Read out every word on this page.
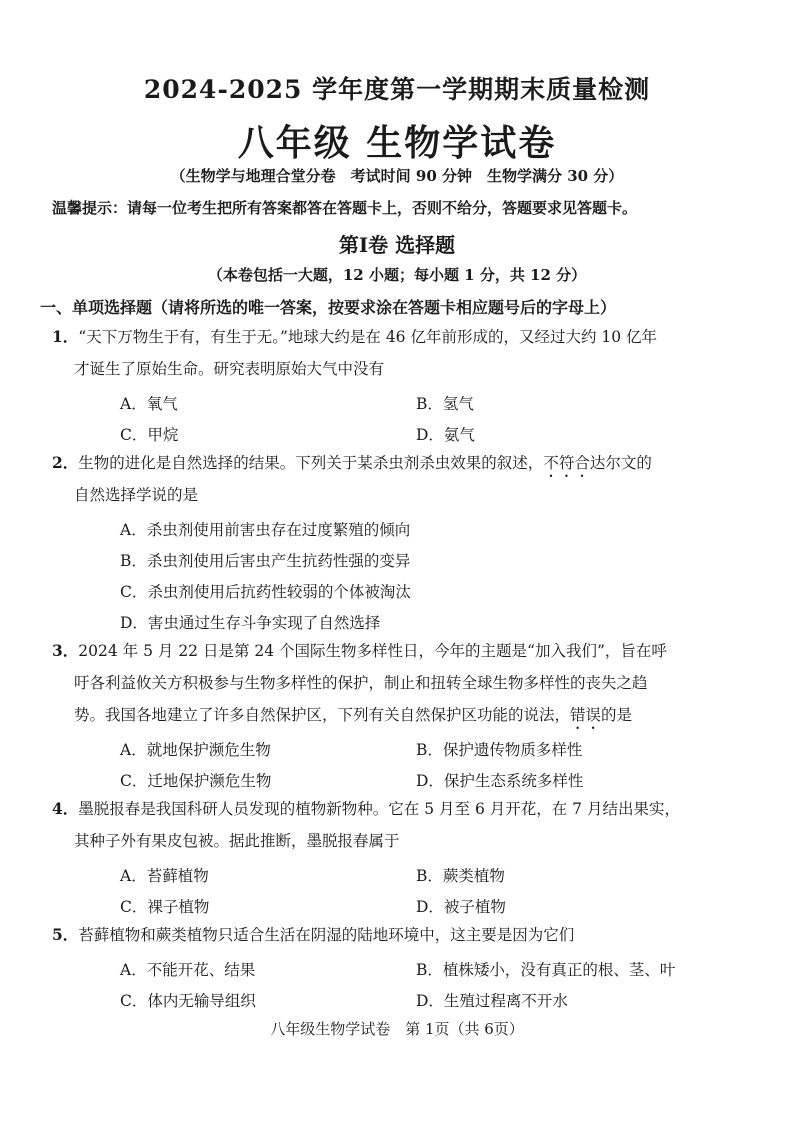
2024-2025 学年度第一学期期末质量检测
八年级 生物学试卷
（生物学与地理合堂分卷　考试时间 90 分钟　生物学满分 30 分）
温馨提示：请每一位考生把所有答案都答在答题卡上，否则不给分，答题要求见答题卡。
第Ⅰ卷 选择题
（本卷包括一大题，12 小题；每小题 1 分，共 12 分）
一、单项选择题（请将所选的唯一答案，按要求涂在答题卡相应题号后的字母上）
1．“天下万物生于有，有生于无。”地球大约是在 46 亿年前形成的，又经过大约 10 亿年
才诞生了原始生命。研究表明原始大气中没有
A．氧气	B．氢气
C．甲烷	D．氨气
2．生物的进化是自然选择的结果。下列关于某杀虫剂杀虫效果的叙述，不符合达尔文的
自然选择学说的是
A．杀虫剂使用前害虫存在过度繁殖的倾向
B．杀虫剂使用后害虫产生抗药性强的变异
C．杀虫剂使用后抗药性较弱的个体被淘汰
D．害虫通过生存斗争实现了自然选择
3．2024 年 5 月 22 日是第 24 个国际生物多样性日，今年的主题是“加入我们”，旨在呼
吁各利益攸关方积极参与生物多样性的保护，制止和扭转全球生物多样性的丧失之趋
势。我国各地建立了许多自然保护区，下列有关自然保护区功能的说法，错误的是
A．就地保护濒危生物	B．保护遗传物质多样性
C．迁地保护濒危生物	D．保护生态系统多样性
4．墨脱报春是我国科研人员发现的植物新物种。它在 5 月至 6 月开花，在 7 月结出果实，
其种子外有果皮包被。据此推断，墨脱报春属于
A．苔藓植物	B．蕨类植物
C．裸子植物	D．被子植物
5．苔藓植物和蕨类植物只适合生活在阴湿的陆地环境中，这主要是因为它们
A．不能开花、结果	B．植株矮小，没有真正的根、茎、叶
C．体内无输导组织	D．生殖过程离不开水
八年级生物学试卷　第 1页（共 6页）
